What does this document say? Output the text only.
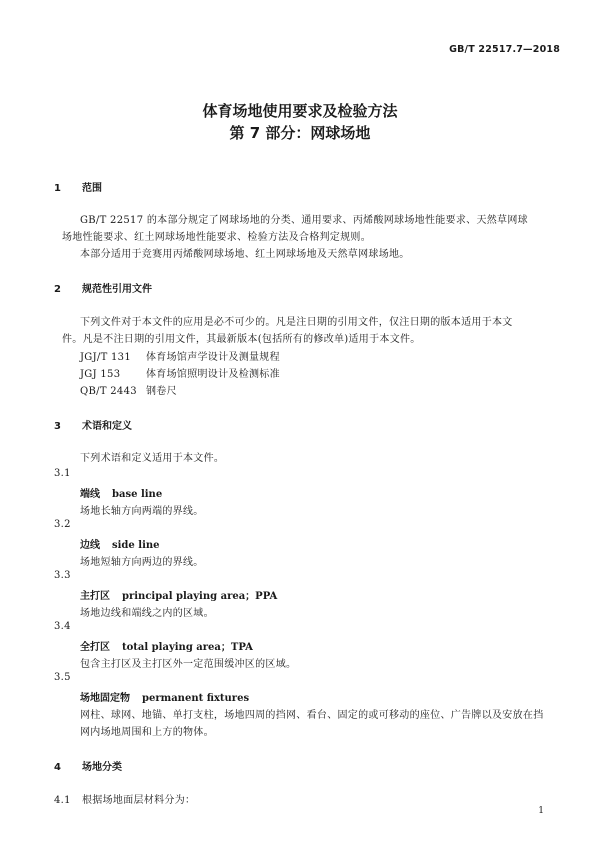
GB/T 22517.7—2018
体育场地使用要求及检验方法
第 7 部分：网球场地
1 范围
GB/T 22517 的本部分规定了网球场地的分类、通用要求、丙烯酸网球场地性能要求、天然草网球
场地性能要求、红土网球场地性能要求、检验方法及合格判定规则。
本部分适用于竞赛用丙烯酸网球场地、红土网球场地及天然草网球场地。
2 规范性引用文件
下列文件对于本文件的应用是必不可少的。凡是注日期的引用文件，仅注日期的版本适用于本文
件。凡是不注日期的引用文件，其最新版本(包括所有的修改单)适用于本文件。
JGJ/T 131 体育场馆声学设计及测量规程
JGJ 153	体育场馆照明设计及检测标准
QB/T 2443 钢卷尺
3 术语和定义
下列术语和定义适用于本文件。
3.1
端线 base line
场地长轴方向两端的界线。
3.2
边线 side line
场地短轴方向两边的界线。
3.3
主打区 principal playing area；PPA
场地边线和端线之内的区域。
3.4
全打区 total playing area；TPA
包含主打区及主打区外一定范围缓冲区的区域。
3.5
场地固定物 permanent fixtures
网柱、球网、地锚、单打支柱，场地四周的挡网、看台、固定的或可移动的座位、广告牌以及安放在挡
网内场地周围和上方的物体。
4 场地分类
4.1 根据场地面层材料分为：
1
